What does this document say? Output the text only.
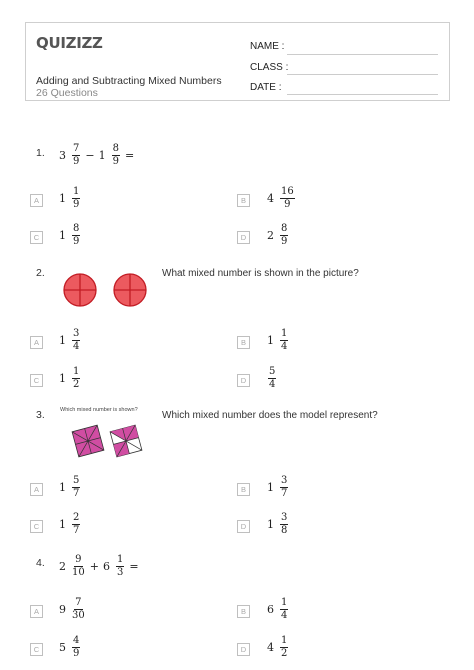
QUIZIZZ
Adding and Subtracting Mixed Numbers
26 Questions
NAME :
CLASS :
DATE :
1. $3 \frac{7}{9} - 1 \frac{8}{9}$ =
A	$1 \frac{1}{9}$	B	$4 \frac{16}{9}$
C	$1 \frac{8}{9}$	D	$2 \frac{8}{9}$
2.	What mixed number is shown in the picture?
A	$1 \frac{3}{4}$	B	$1 \frac{1}{4}$
C	$1 \frac{1}{2}$	D	$\frac{5}{4}$
3.	Which mixed number is shown? Which mixed number does the model represent?
A	$1 \frac{5}{7}$	B	$1 \frac{3}{7}$
C	$1 \frac{2}{7}$	D	$1 \frac{3}{8}$
4. $2 \frac{9}{10} + 6 \frac{1}{3}$ =
A	$9 \frac{7}{30}$	B	$6 \frac{1}{4}$
C	$5 \frac{4}{9}$	D	$4 \frac{1}{2}$
